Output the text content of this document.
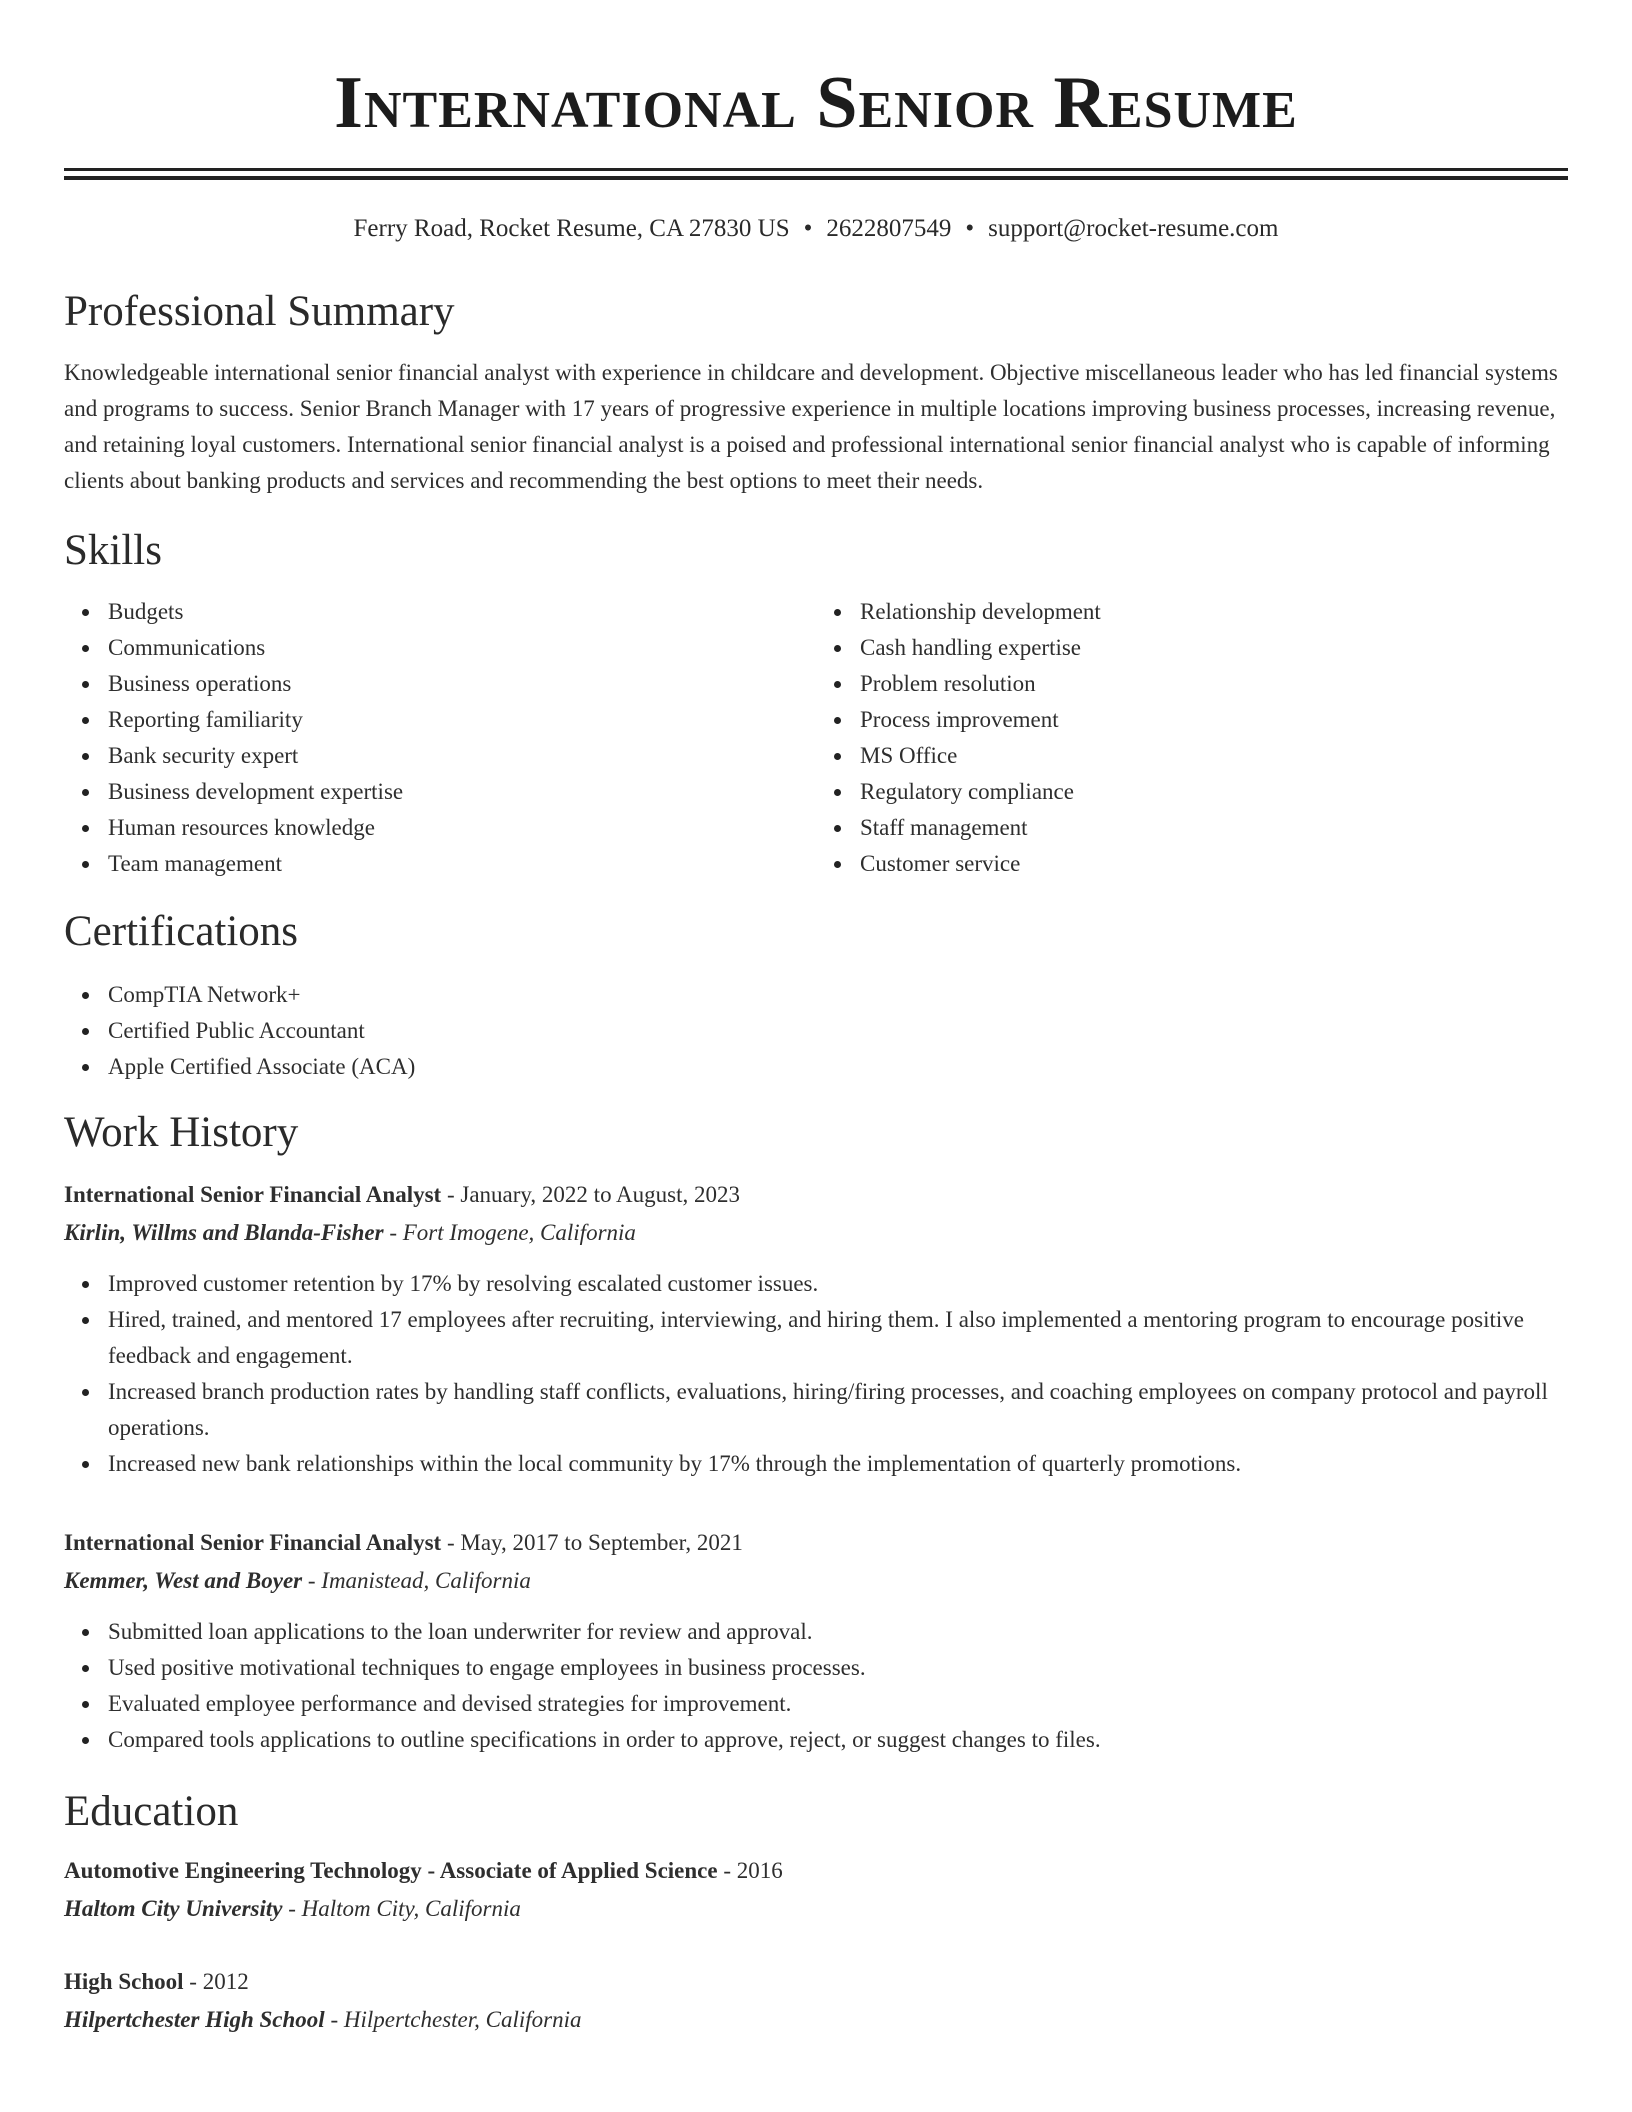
International Senior Resume
Ferry Road, Rocket Resume, CA 27830 US • 2622807549 • support@rocket-resume.com
Professional Summary

Knowledgeable international senior financial analyst with experience in childcare and development. Objective miscellaneous leader who has led financial systems and programs to success. Senior Branch Manager with 17 years of progressive experience in multiple locations improving business processes, increasing revenue, and retaining loyal customers. International senior financial analyst is a poised and professional international senior financial analyst who is capable of informing clients about banking products and services and recommending the best options to meet their needs.

Skills
Budgets
Communications
Business operations
Reporting familiarity
Bank security expert
Business development expertise
Human resources knowledge
Team management
Relationship development
Cash handling expertise
Problem resolution
Process improvement
MS Office
Regulatory compliance
Staff management
Customer service
Certifications
CompTIA Network+
Certified Public Accountant
Apple Certified Associate (ACA)
Work History
International Senior Financial Analyst - January, 2022 to August, 2023
Kirlin, Willms and Blanda-Fisher - Fort Imogene, California
Improved customer retention by 17% by resolving escalated customer issues.
Hired, trained, and mentored 17 employees after recruiting, interviewing, and hiring them. I also implemented a mentoring program to encourage positive feedback and engagement.
Increased branch production rates by handling staff conflicts, evaluations, hiring/firing processes, and coaching employees on company protocol and payroll operations.
Increased new bank relationships within the local community by 17% through the implementation of quarterly promotions.
International Senior Financial Analyst - May, 2017 to September, 2021
Kemmer, West and Boyer - Imanistead, California
Submitted loan applications to the loan underwriter for review and approval.
Used positive motivational techniques to engage employees in business processes.
Evaluated employee performance and devised strategies for improvement.
Compared tools applications to outline specifications in order to approve, reject, or suggest changes to files.
Education
Automotive Engineering Technology - Associate of Applied Science - 2016
Haltom City University - Haltom City, California
High School - 2012
Hilpertchester High School - Hilpertchester, California
